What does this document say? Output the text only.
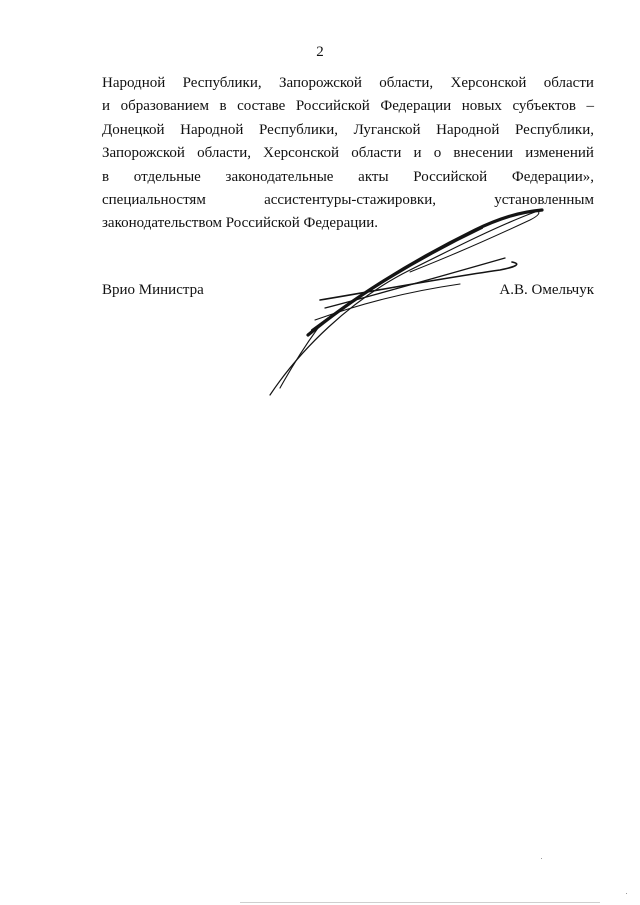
2
Народной Республики, Запорожской области, Херсонской области
и образованием в составе Российской Федерации новых субъектов –
Донецкой Народной Республики, Луганской Народной Республики,
Запорожской области, Херсонской области и о внесении изменений
в отдельные законодательные акты Российской Федерации»,
специальностям	ассистентуры-стажировки,	установленным
законодательством Российской Федерации.
Врио Министра	А.В. Омельчук
